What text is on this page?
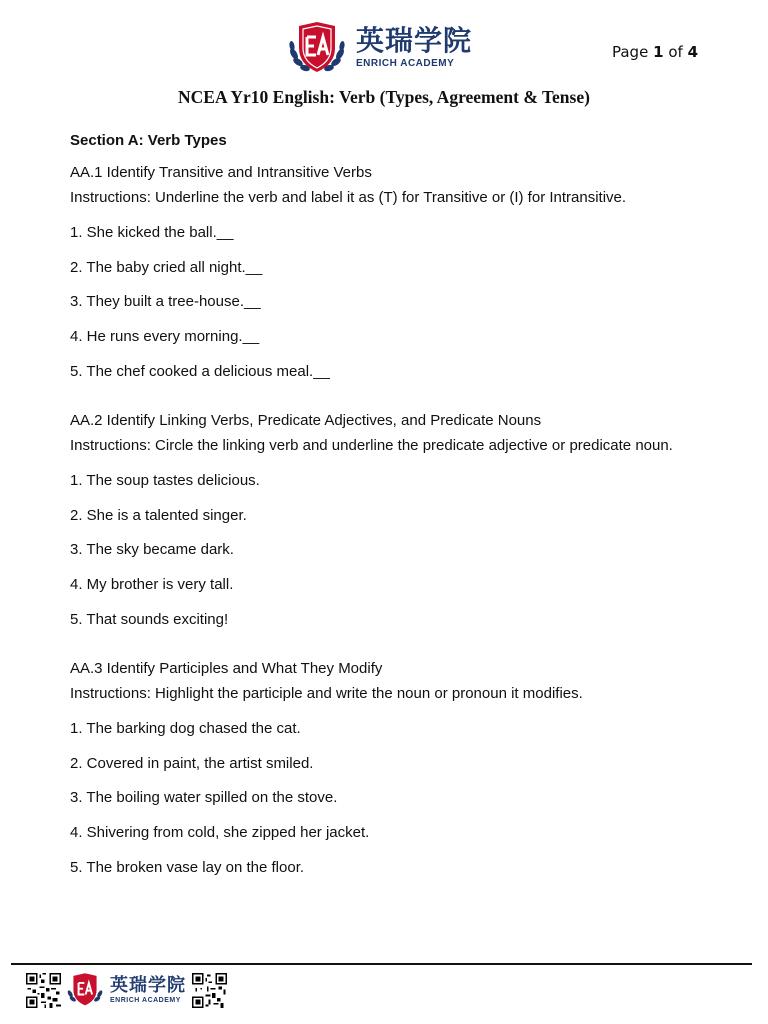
英瑞学院
ENRICH ACADEMY
Page 1 of 4
NCEA Yr10 English: Verb (Types, Agreement & Tense)
Section A: Verb Types
AA.1 Identify Transitive and Intransitive Verbs
Instructions: Underline the verb and label it as (T) for Transitive or (I) for Intransitive.
1. She kicked the ball.__
2. The baby cried all night.__
3. They built a tree-house.__
4. He runs every morning.__
5. The chef cooked a delicious meal.__
AA.2 Identify Linking Verbs, Predicate Adjectives, and Predicate Nouns
Instructions: Circle the linking verb and underline the predicate adjective or predicate noun.
1. The soup tastes delicious.
2. She is a talented singer.
3. The sky became dark.
4. My brother is very tall.
5. That sounds exciting!
AA.3 Identify Participles and What They Modify
Instructions: Highlight the participle and write the noun or pronoun it modifies.
1. The barking dog chased the cat.
2. Covered in paint, the artist smiled.
3. The boiling water spilled on the stove.
4. Shivering from cold, she zipped her jacket.
5. The broken vase lay on the floor.
英瑞学院
ENRICH ACADEMY
